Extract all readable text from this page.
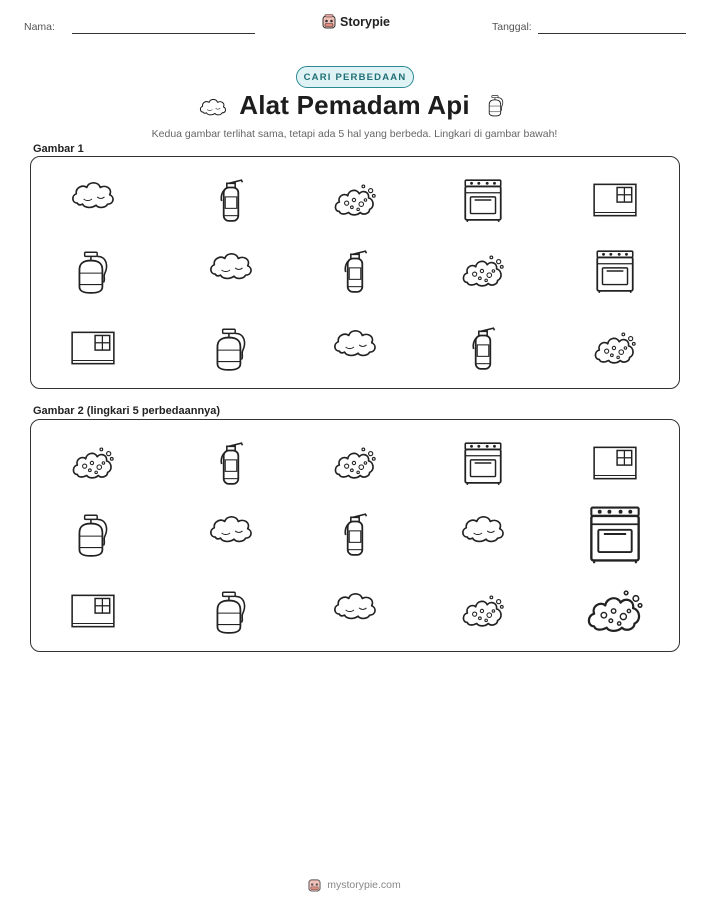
Nama:	Storypie	Tanggal:
CARI PERBEDAAN
Alat Pemadam Api
Kedua gambar terlihat sama, tetapi ada 5 hal yang berbeda. Lingkari di gambar bawah!
Gambar 1
Gambar 2 (lingkari 5 perbedaannya)
mystorypie.com
